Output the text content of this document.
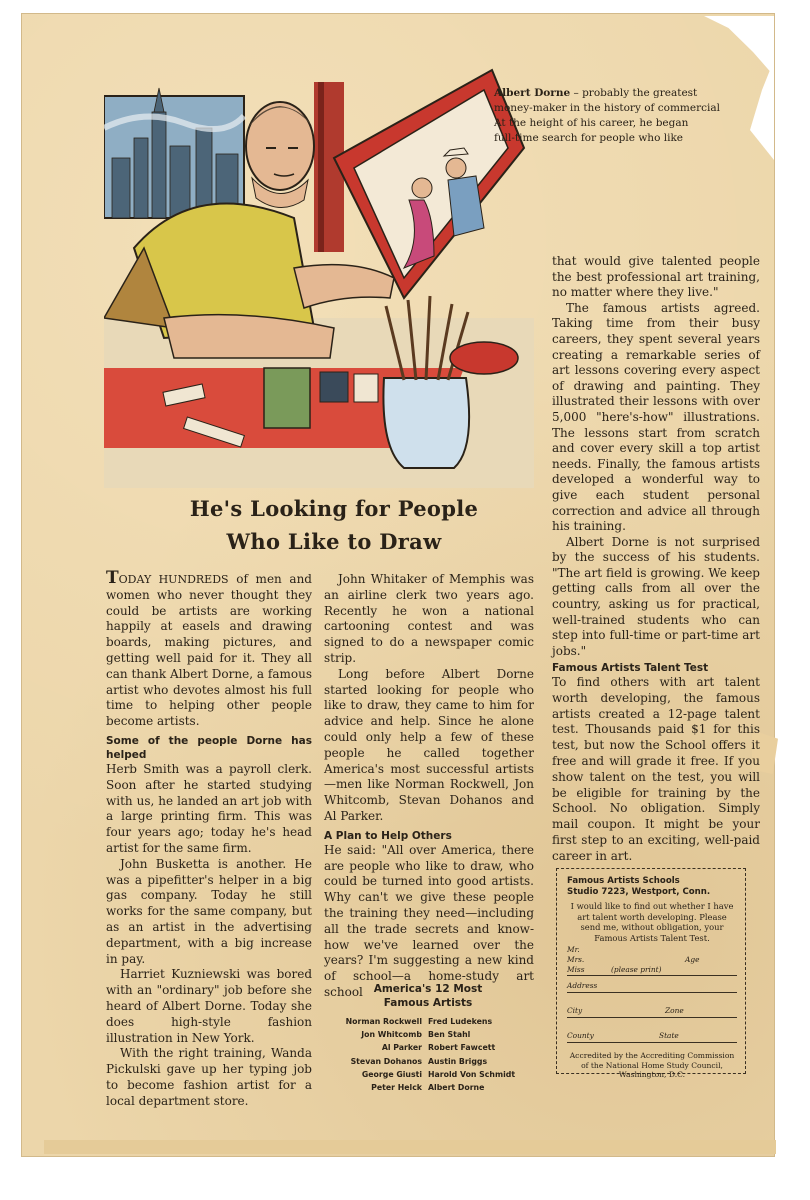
Albert Dorne – probably the greatest
money-maker in the history of commercial
At the height of his career, he began
full-time search for people who like

that would give talented people the best professional art training, no matter where they live."

The famous artists agreed. Taking time from their busy careers, they spent several years creating a remarkable series of art lessons covering every aspect of drawing and painting. They illustrated their lessons with over 5,000 "here's-how" illustrations. The lessons start from scratch and cover every skill a top artist needs. Finally, the famous artists developed a wonderful way to give each student personal correction and advice all through his training.

Albert Dorne is not surprised by the success of his students. "The art field is growing. We keep getting calls from all over the country, asking us for practical, well-trained students who can step into full-time or part-time art jobs."

He's Looking for People
Who Like to Draw

TODAY HUNDREDS of men and women who never thought they could be artists are working happily at easels and drawing boards, making pictures, and getting well paid for it. They all can thank Albert Dorne, a famous artist who devotes almost his full time to helping other people become artists.

Some of the people Dorne has helped

Herb Smith was a payroll clerk. Soon after he started studying with us, he landed an art job with a large printing firm. This was four years ago; today he's head artist for the same firm.

John Busketta is another. He was a pipefitter's helper in a big gas company. Today he still works for the same company, but as an artist in the advertising department, with a big increase in pay.

Harriet Kuzniewski was bored with an "ordinary" job before she heard of Albert Dorne. Today she does high-style fashion illustration in New York.

With the right training, Wanda Pickulski gave up her typing job to become fashion artist for a local department store.

John Whitaker of Memphis was an airline clerk two years ago. Recently he won a national cartooning contest and was signed to do a newspaper comic strip.

Long before Albert Dorne started looking for people who like to draw, they came to him for advice and help. Since he alone could only help a few of these people he called together America's most successful artists —men like Norman Rockwell, Jon Whitcomb, Stevan Dohanos and Al Parker.

A Plan to Help Others

He said: "All over America, there are people who like to draw, who could be turned into good artists. Why can't we give these people the training they need—including all the trade secrets and know-how we've learned over the years? I'm suggesting a new kind of school—a home-study art school	America's 12 Most
Famous Artists
Norman Rockwell	Fred Ludekens
Jon Whitcomb	Ben Stahl
Al Parker	Robert Fawcett
Stevan Dohanos	Austin Briggs
George Giusti	Harold Von Schmidt
Peter Helck	Albert Dorne
Famous Artists Talent Test

To find others with art talent worth developing, the famous artists created a 12-page talent test. Thousands paid $1 for this test, but now the School offers it free and will grade it free. If you show talent on the test, you will be eligible for training by the School. No obligation. Simply mail coupon. It might be your first step to an exciting, well-paid career in art.

Famous Artists Schools
Studio 7223, Westport, Conn.
I would like to find out whether I have art talent worth developing. Please send me, without obligation, your Famous Artists Talent Test.
Mr.
Mrs.
Miss	(please print)
Age
Address
City	Zone
County	State
Accredited by the Accrediting Commission of the National Home Study Council, Washington, D.C.
